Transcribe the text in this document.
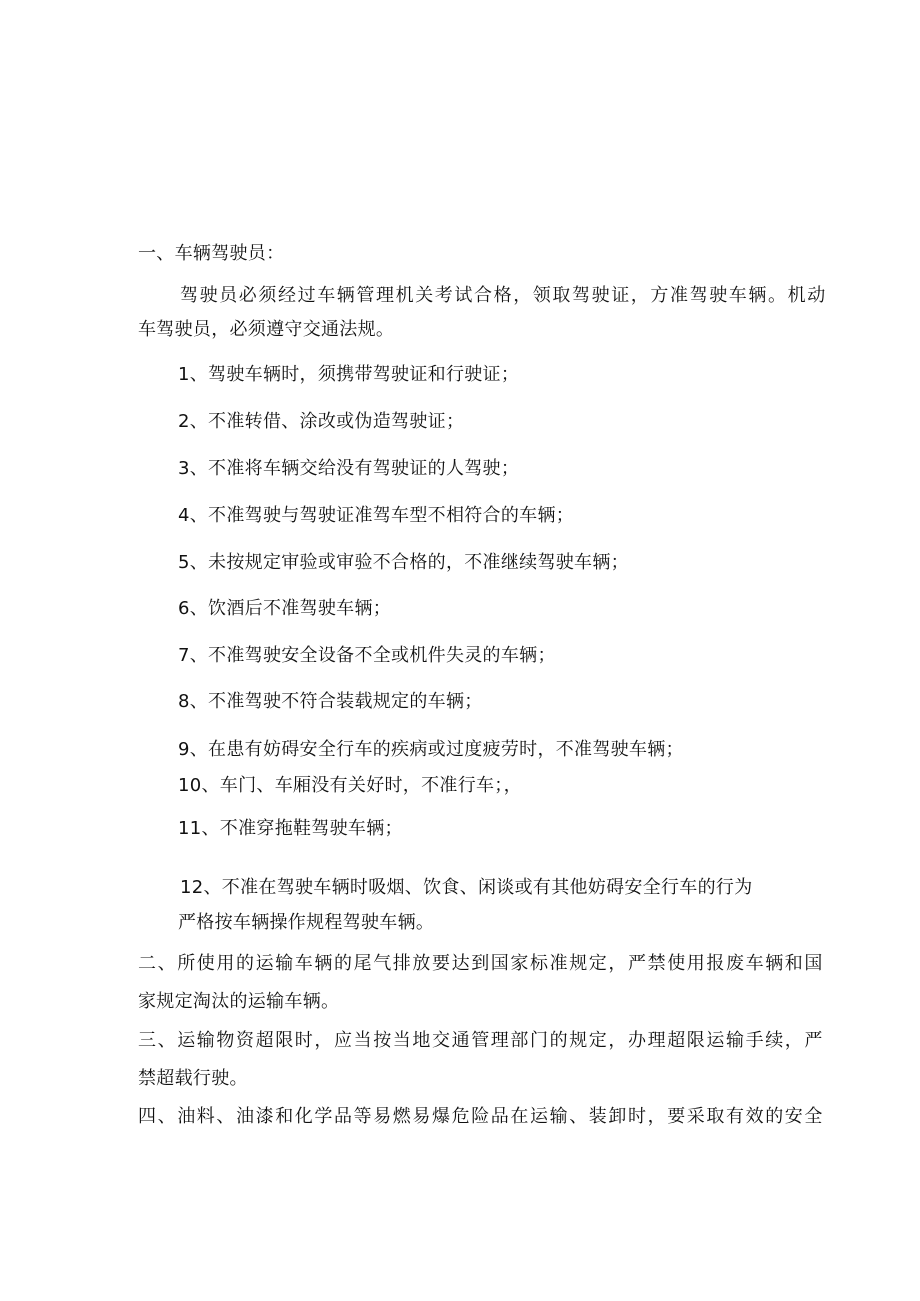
一、车辆驾驶员：
驾驶员必须经过车辆管理机关考试合格，领取驾驶证，方准驾驶车辆。机动
车驾驶员，必须遵守交通法规。
1、驾驶车辆时，须携带驾驶证和行驶证；
2、不准转借、涂改或伪造驾驶证；
3、不准将车辆交给没有驾驶证的人驾驶；
4、不准驾驶与驾驶证准驾车型不相符合的车辆；
5、未按规定审验或审验不合格的，不准继续驾驶车辆；
6、饮酒后不准驾驶车辆；
7、不准驾驶安全设备不全或机件失灵的车辆；
8、不准驾驶不符合装载规定的车辆；
9、在患有妨碍安全行车的疾病或过度疲劳时，不准驾驶车辆；
10、车门、车厢没有关好时，不准行车；，
11、不准穿拖鞋驾驶车辆；
12、不准在驾驶车辆时吸烟、饮食、闲谈或有其他妨碍安全行车的行为
严格按车辆操作规程驾驶车辆。
二、所使用的运输车辆的尾气排放要达到国家标准规定，严禁使用报废车辆和国
家规定淘汰的运输车辆。
三、运输物资超限时，应当按当地交通管理部门的规定，办理超限运输手续，严
禁超载行驶。
四、油料、油漆和化学品等易燃易爆危险品在运输、装卸时，要采取有效的安全
